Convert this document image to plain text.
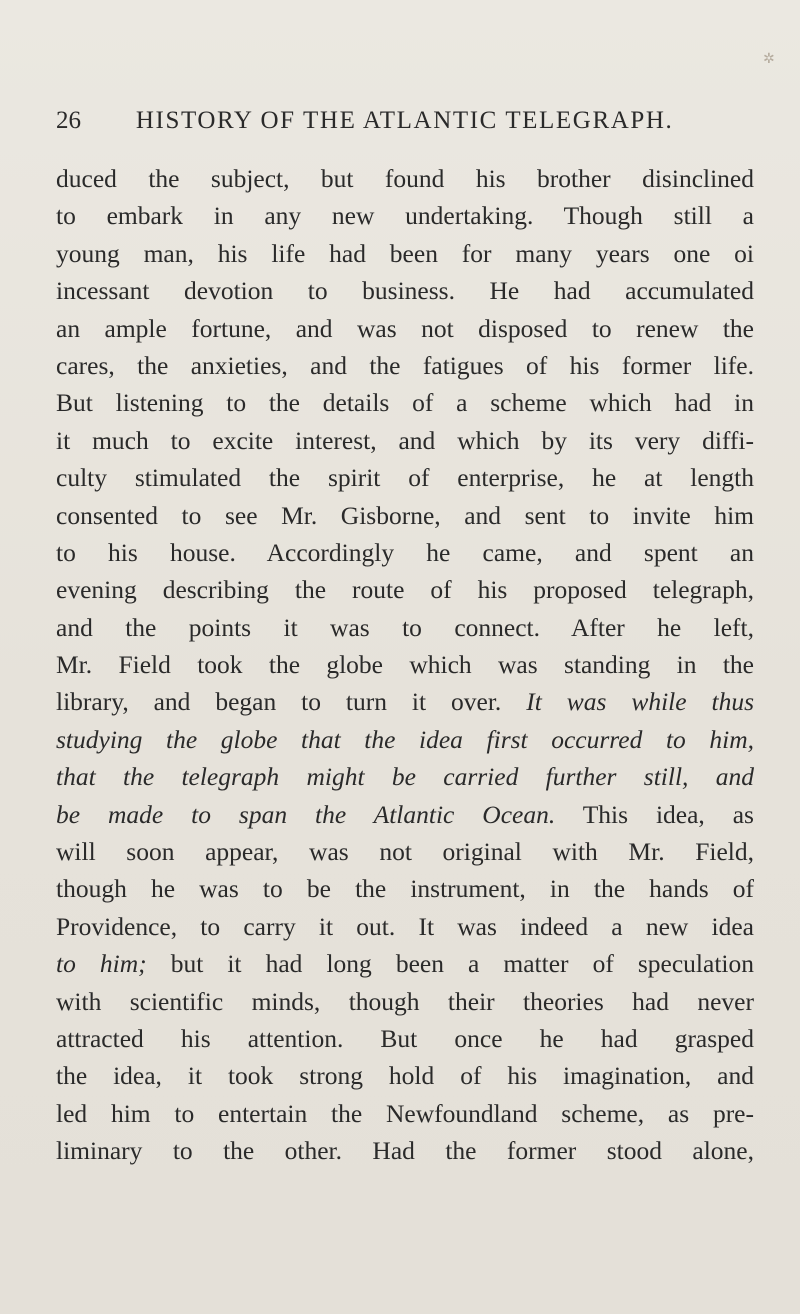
✲
26 HISTORY OF THE ATLANTIC TELEGRAPH.
duced the subject, but found his brother disinclined
to embark in any new undertaking. Though still a
young man, his life had been for many years one oi
incessant devotion to business. He had accumulated
an ample fortune, and was not disposed to renew the
cares, the anxieties, and the fatigues of his former life.
But listening to the details of a scheme which had in
it much to excite interest, and which by its very diffi-
culty stimulated the spirit of enterprise, he at length
consented to see Mr. Gisborne, and sent to invite him
to his house. Accordingly he came, and spent an
evening describing the route of his proposed telegraph,
and the points it was to connect. After he left,
Mr. Field took the globe which was standing in the
library, and began to turn it over. It was while thus
studying the globe that the idea first occurred to him,
that the telegraph might be carried further still, and
be made to span the Atlantic Ocean. This idea, as
will soon appear, was not original with Mr. Field,
though he was to be the instrument, in the hands of
Providence, to carry it out. It was indeed a new idea
to him; but it had long been a matter of speculation
with scientific minds, though their theories had never
attracted his attention. But once he had grasped
the idea, it took strong hold of his imagination, and
led him to entertain the Newfoundland scheme, as pre-
liminary to the other. Had the former stood alone,
